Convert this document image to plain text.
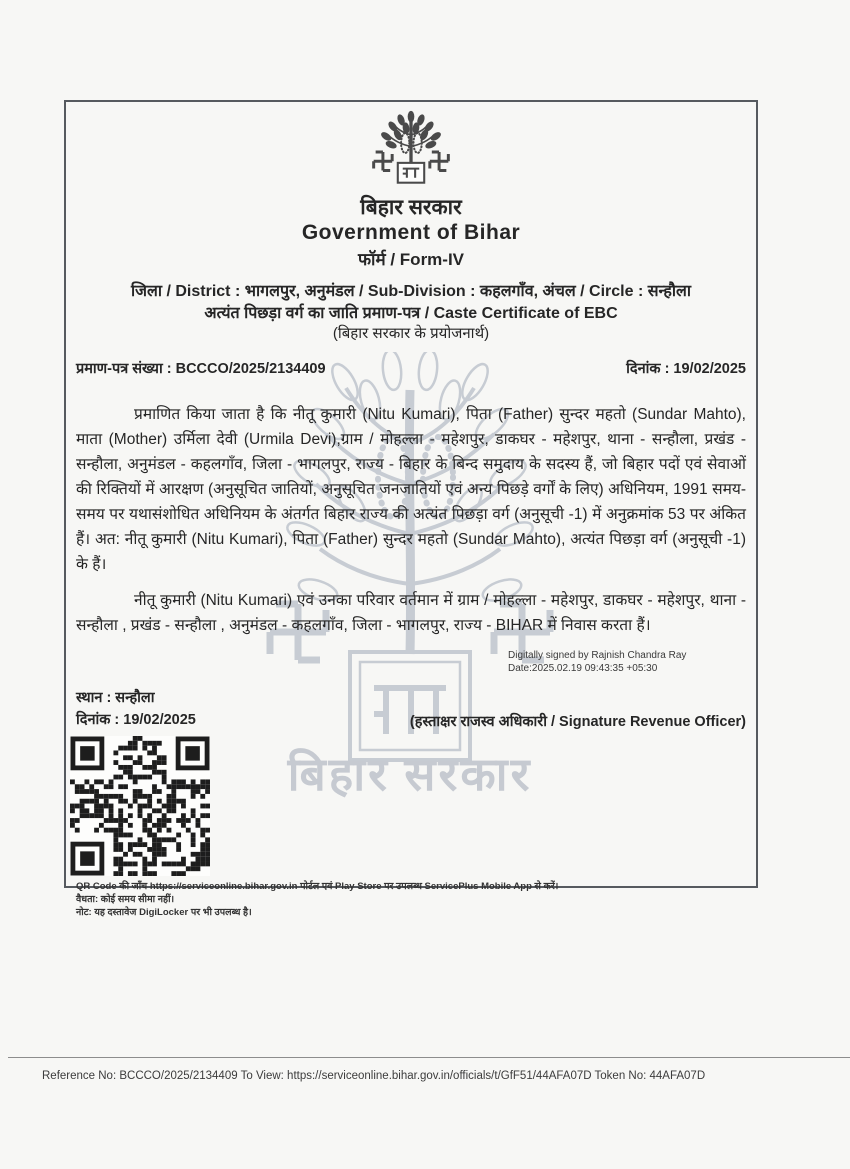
बिहार सरकार
बिहार सरकार
Government of Bihar
फॉर्म / Form-IV
जिला / District : भागलपुर, अनुमंडल / Sub-Division : कहलगाँव, अंचल / Circle : सन्हौला
अत्यंत पिछड़ा वर्ग का जाति प्रमाण-पत्र / Caste Certificate of EBC
(बिहार सरकार के प्रयोजनार्थ)
प्रमाण-पत्र संख्या : BCCCO/2025/2134409	दिनांक : 19/02/2025
प्रमाणित किया जाता है कि नीतू कुमारी (Nitu Kumari), पिता (Father) सुन्दर महतो (Sundar Mahto), माता (Mother) उर्मिला देवी (Urmila Devi),ग्राम / मोहल्ला - महेशपुर, डाकघर - महेशपुर, थाना - सन्हौला, प्रखंड - सन्हौला, अनुमंडल - कहलगाँव, जिला - भागलपुर, राज्य - बिहार के बिन्द समुदाय के सदस्य हैं, जो बिहार पदों एवं सेवाओं की रिक्तियों में आरक्षण (अनुसूचित जातियों, अनुसूचित जनजातियों एवं अन्य पिछड़े वर्गों के लिए) अधिनियम, 1991 समय-समय पर यथासंशोधित अधिनियम के अंतर्गत बिहार राज्य की अत्यंत पिछड़ा वर्ग (अनुसूची -1) में अनुक्रमांक 53 पर अंकित हैं। अत: नीतू कुमारी (Nitu Kumari), पिता (Father) सुन्दर महतो (Sundar Mahto), अत्यंत पिछड़ा वर्ग (अनुसूची -1) के हैं।
नीतू कुमारी (Nitu Kumari) एवं उनका परिवार वर्तमान में ग्राम / मोहल्ला - महेशपुर, डाकघर - महेशपुर, थाना - सन्हौला , प्रखंड - सन्हौला , अनुमंडल - कहलगाँव, जिला - भागलपुर, राज्य - BIHAR में निवास करता हैं।
Digitally signed by Rajnish Chandra Ray
Date:2025.02.19 09:43:35 +05:30
स्थान : सन्हौला
दिनांक : 19/02/2025	(हस्ताक्षर राजस्व अधिकारी / Signature Revenue Officer)
QR Code की जाँच https://serviceonline.bihar.gov.in पोर्टल एवं Play Store पर उपलब्ध ServicePlus Mobile App से करें।
वैधता: कोई समय सीमा नहीं।
नोट: यह दस्तावेज DigiLocker पर भी उपलब्ध है।
Reference No: BCCCO/2025/2134409 To View: https://serviceonline.bihar.gov.in/officials/t/GfF51/44AFA07D Token No: 44AFA07D
